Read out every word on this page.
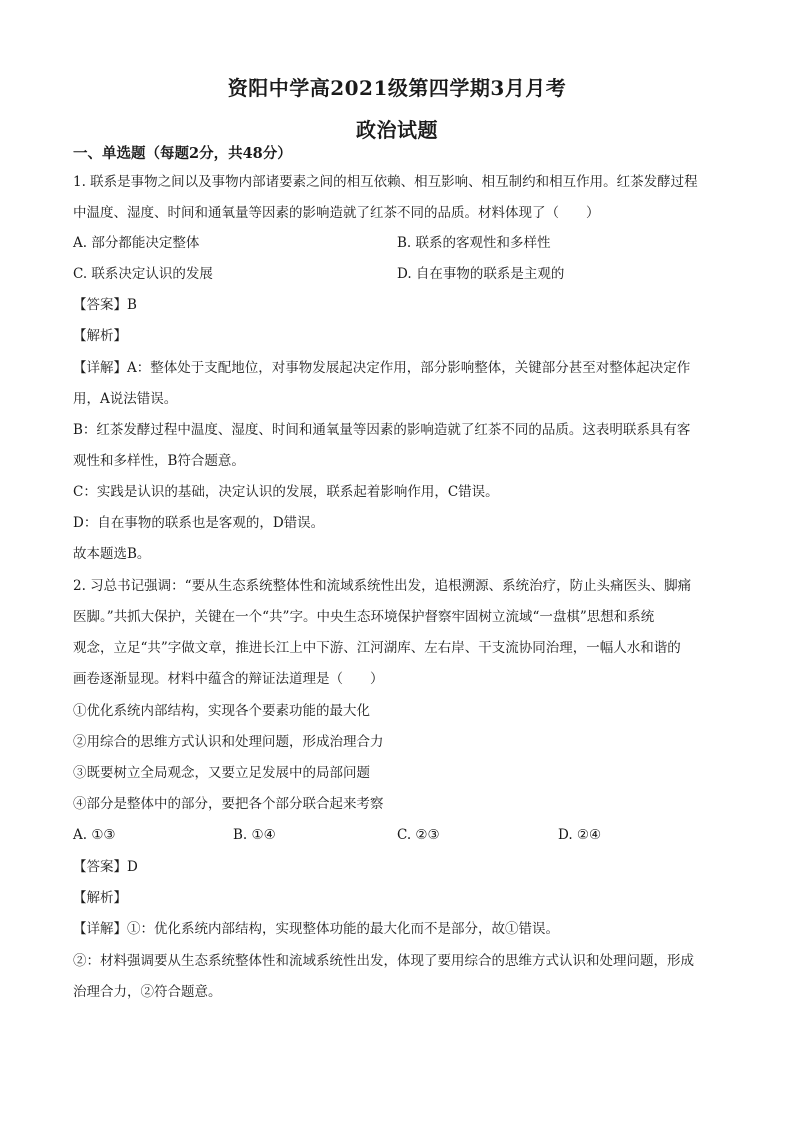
资阳中学高2021级第四学期3月月考
政治试题
一、单选题（每题2分，共48分）
1. 联系是事物之间以及事物内部诸要素之间的相互依赖、相互影响、相互制约和相互作用。红茶发酵过程
中温度、湿度、时间和通氧量等因素的影响造就了红茶不同的品质。材料体现了（　　）
A. 部分都能决定整体	B. 联系的客观性和多样性
C. 联系决定认识的发展	D. 自在事物的联系是主观的
【答案】B
【解析】
【详解】A：整体处于支配地位，对事物发展起决定作用，部分影响整体，关键部分甚至对整体起决定作
用，A说法错误。
B：红茶发酵过程中温度、湿度、时间和通氧量等因素的影响造就了红茶不同的品质。这表明联系具有客
观性和多样性，B符合题意。
C：实践是认识的基础，决定认识的发展，联系起着影响作用，C错误。
D：自在事物的联系也是客观的，D错误。
故本题选B。
2. 习总书记强调：“要从生态系统整体性和流域系统性出发，追根溯源、系统治疗，防止头痛医头、脚痛
医脚。”共抓大保护，关键在一个“共”字。中央生态环境保护督察牢固树立流域“一盘棋”思想和系统
观念，立足“共”字做文章，推进长江上中下游、江河湖库、左右岸、干支流协同治理，一幅人水和谐的
画卷逐渐显现。材料中蕴含的辩证法道理是（　　）
①优化系统内部结构，实现各个要素功能的最大化
②用综合的思维方式认识和处理问题，形成治理合力
③既要树立全局观念，又要立足发展中的局部问题
④部分是整体中的部分，要把各个部分联合起来考察
A. ①③	B. ①④	C. ②③	D. ②④
【答案】D
【解析】
【详解】①：优化系统内部结构，实现整体功能的最大化而不是部分，故①错误。
②：材料强调要从生态系统整体性和流域系统性出发，体现了要用综合的思维方式认识和处理问题，形成
治理合力，②符合题意。
